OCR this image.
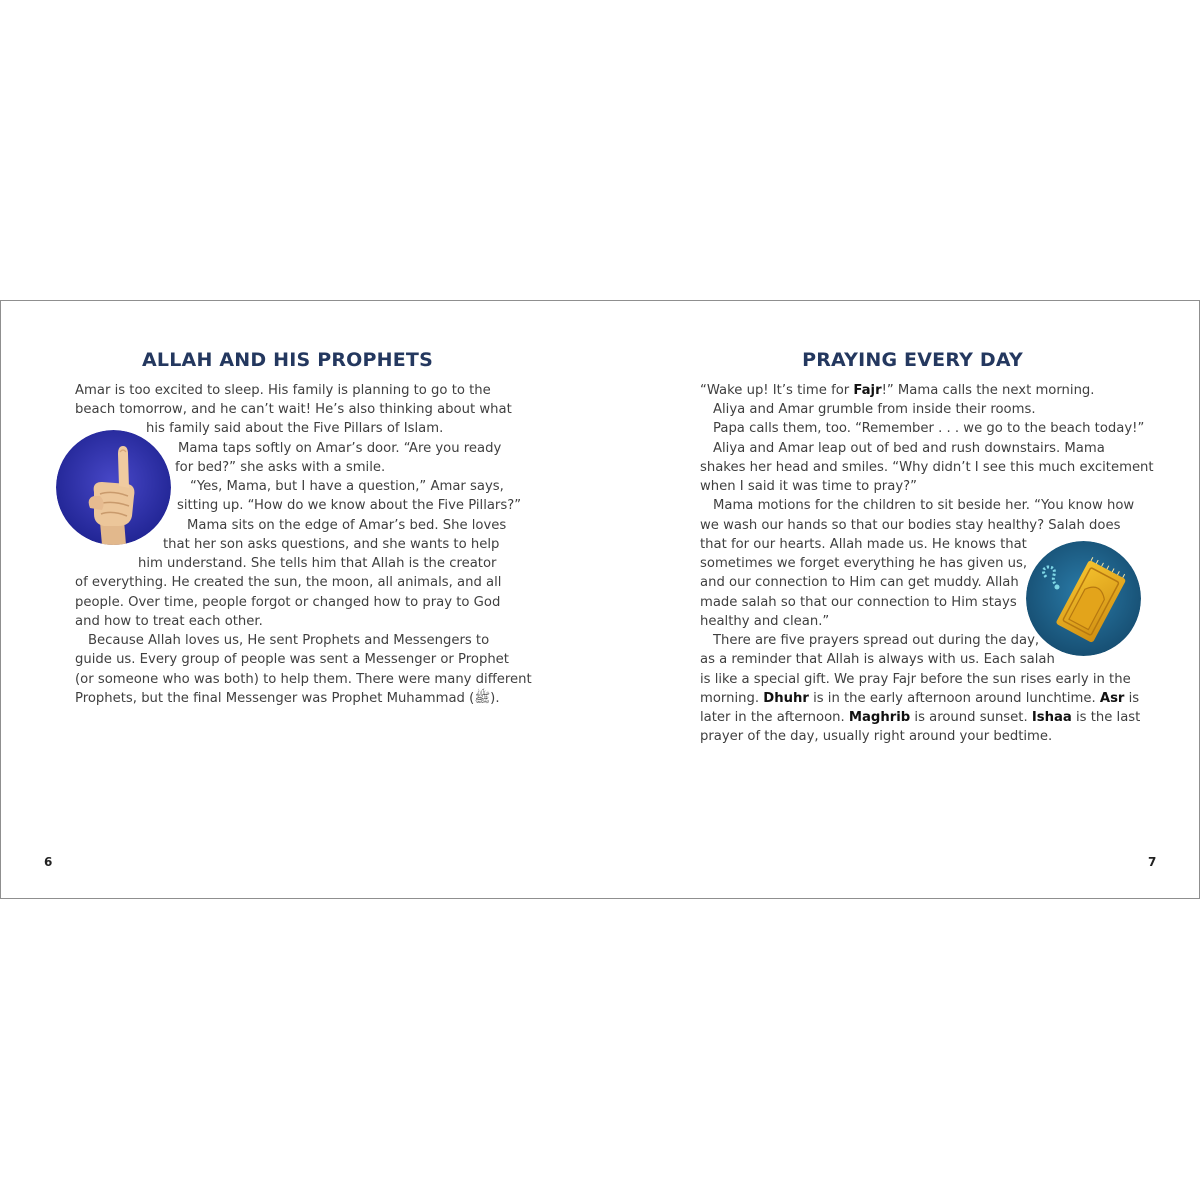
ALLAH AND HIS PROPHETS
Amar is too excited to sleep. His family is planning to go to the
beach tomorrow, and he can’t wait! He’s also thinking about what
his family said about the Five Pillars of Islam.
Mama taps softly on Amar’s door. “Are you ready
for bed?” she asks with a smile.
“Yes, Mama, but I have a question,” Amar says,
sitting up. “How do we know about the Five Pillars?”
Mama sits on the edge of Amar’s bed. She loves
that her son asks questions, and she wants to help
him understand. She tells him that Allah is the creator
of everything. He created the sun, the moon, all animals, and all
people. Over time, people forgot or changed how to pray to God
and how to treat each other.
Because Allah loves us, He sent Prophets and Messengers to
guide us. Every group of people was sent a Messenger or Prophet
(or someone who was both) to help them. There were many different
Prophets, but the final Messenger was Prophet Muhammad (ﷺ).
6
PRAYING EVERY DAY
“Wake up! It’s time for Fajr!” Mama calls the next morning.
Aliya and Amar grumble from inside their rooms.
Papa calls them, too. “Remember . . . we go to the beach today!”
Aliya and Amar leap out of bed and rush downstairs. Mama
shakes her head and smiles. “Why didn’t I see this much excitement
when I said it was time to pray?”
Mama motions for the children to sit beside her. “You know how
we wash our hands so that our bodies stay healthy? Salah does
that for our hearts. Allah made us. He knows that
sometimes we forget everything he has given us,
and our connection to Him can get muddy. Allah
made salah so that our connection to Him stays
healthy and clean.”
There are five prayers spread out during the day,
as a reminder that Allah is always with us. Each salah
is like a special gift. We pray Fajr before the sun rises early in the
morning. Dhuhr is in the early afternoon around lunchtime. Asr is
later in the afternoon. Maghrib is around sunset. Ishaa is the last
prayer of the day, usually right around your bedtime.
7
